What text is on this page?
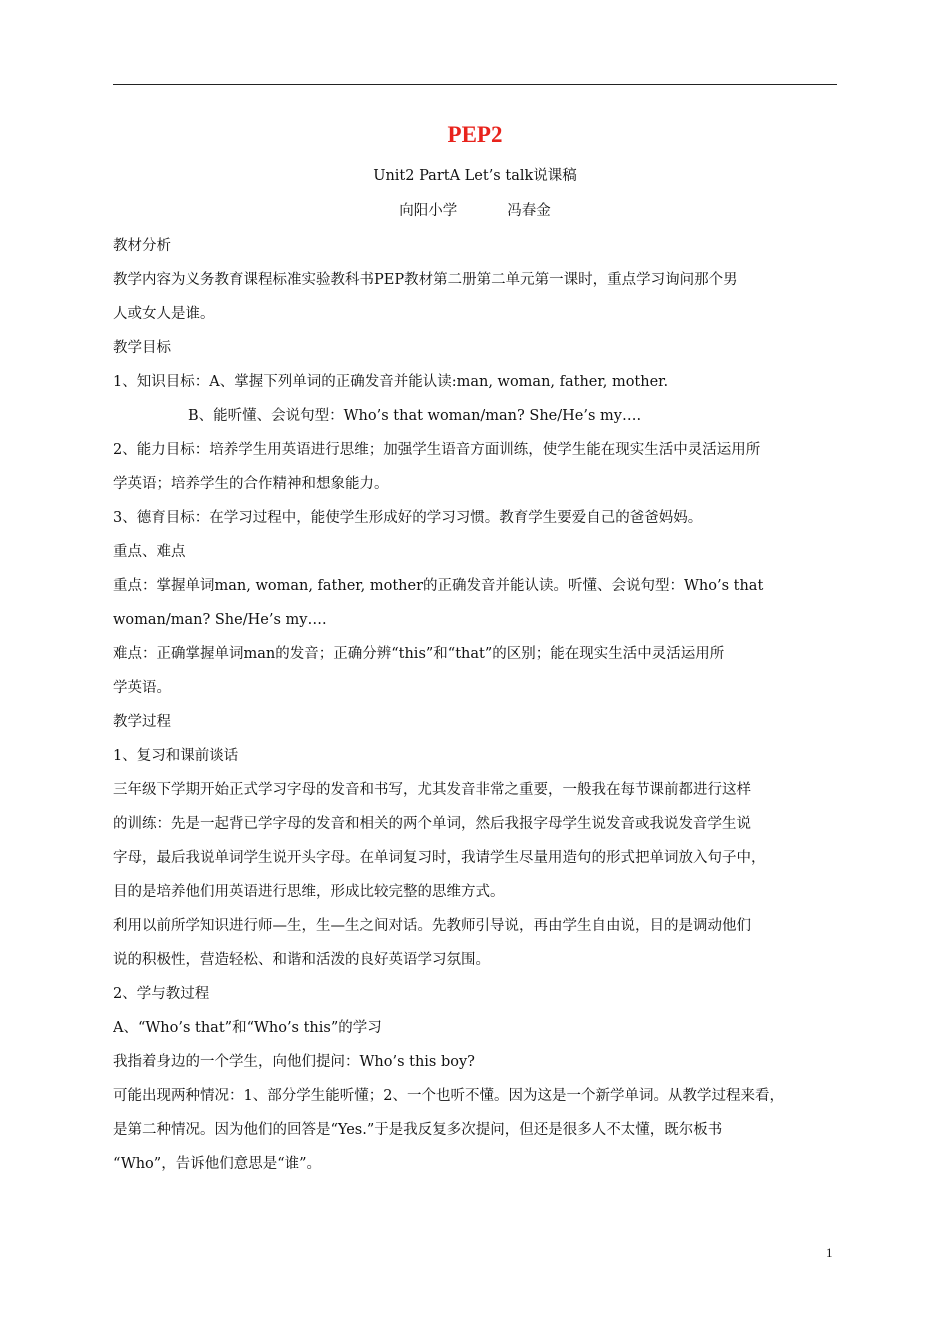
PEP2
Unit2 PartA Let’s talk说课稿
向阳小学	冯春金
教材分析
教学内容为义务教育课程标准实验教科书PEP教材第二册第二单元第一课时，重点学习询问那个男
人或女人是谁。
教学目标
1、知识目标：A、掌握下列单词的正确发音并能认读:man, woman, father, mother.
B、能听懂、会说句型：Who’s that woman/man? She/He’s my….
2、能力目标：培养学生用英语进行思维；加强学生语音方面训练，使学生能在现实生活中灵活运用所
学英语；培养学生的合作精神和想象能力。
3、德育目标：在学习过程中，能使学生形成好的学习习惯。教育学生要爱自己的爸爸妈妈。
重点、难点
重点：掌握单词man, woman, father, mother的正确发音并能认读。听懂、会说句型：Who’s that
woman/man? She/He’s my….
难点：正确掌握单词man的发音；正确分辨“this”和“that”的区别；能在现实生活中灵活运用所
学英语。
教学过程
1、复习和课前谈话
三年级下学期开始正式学习字母的发音和书写，尤其发音非常之重要，一般我在每节课前都进行这样
的训练：先是一起背已学字母的发音和相关的两个单词，然后我报字母学生说发音或我说发音学生说
字母，最后我说单词学生说开头字母。在单词复习时，我请学生尽量用造句的形式把单词放入句子中，
目的是培养他们用英语进行思维，形成比较完整的思维方式。
利用以前所学知识进行师—生，生—生之间对话。先教师引导说，再由学生自由说，目的是调动他们
说的积极性，营造轻松、和谐和活泼的良好英语学习氛围。
2、学与教过程
A、“Who’s that”和“Who’s this”的学习
我指着身边的一个学生，向他们提问：Who’s this boy?
可能出现两种情况：1、部分学生能听懂；2、一个也听不懂。因为这是一个新学单词。从教学过程来看，
是第二种情况。因为他们的回答是“Yes.”于是我反复多次提问，但还是很多人不太懂，既尔板书
“Who”，告诉他们意思是“谁”。
1
